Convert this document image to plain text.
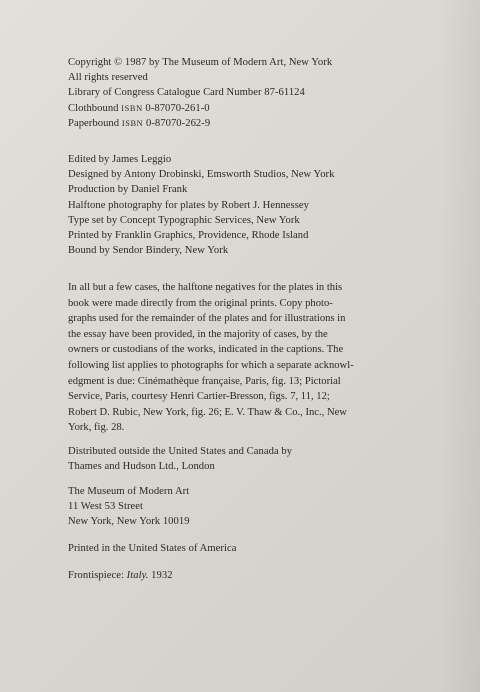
Copyright © 1987 by The Museum of Modern Art, New York
All rights reserved
Library of Congress Catalogue Card Number 87-61124
Clothbound ISBN 0-87070-261-0
Paperbound ISBN 0-87070-262-9
Edited by James Leggio
Designed by Antony Drobinski, Emsworth Studios, New York
Production by Daniel Frank
Halftone photography for plates by Robert J. Hennessey
Type set by Concept Typographic Services, New York
Printed by Franklin Graphics, Providence, Rhode Island
Bound by Sendor Bindery, New York
In all but a few cases, the halftone negatives for the plates in this
book were made directly from the original prints. Copy photo-
graphs used for the remainder of the plates and for illustrations in
the essay have been provided, in the majority of cases, by the
owners or custodians of the works, indicated in the captions. The
following list applies to photographs for which a separate acknowl-
edgment is due: Cinémathèque française, Paris, fig. 13; Pictorial
Service, Paris, courtesy Henri Cartier-Bresson, figs. 7, 11, 12;
Robert D. Rubic, New York, fig. 26; E. V. Thaw & Co., Inc., New
York, fig. 28.
Distributed outside the United States and Canada by
Thames and Hudson Ltd., London
The Museum of Modern Art
11 West 53 Street
New York, New York 10019
Printed in the United States of America
Frontispiece: Italy. 1932
